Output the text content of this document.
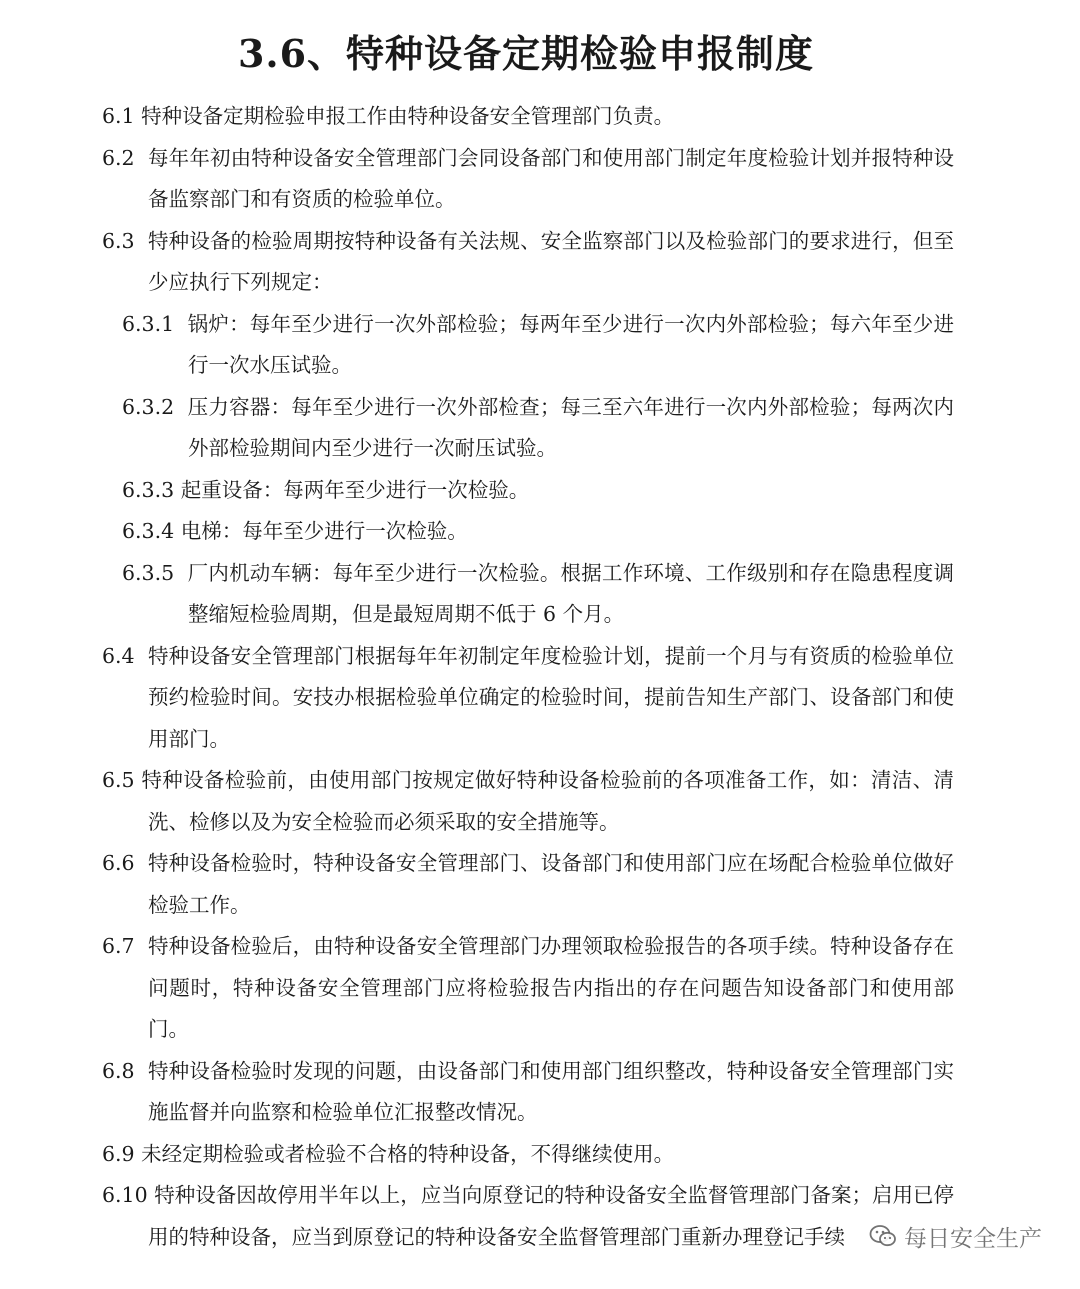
3.6、特种设备定期检验申报制度

6.1 特种设备定期检验申报工作由特种设备安全管理部门负责。

6.2 每年年初由特种设备安全管理部门会同设备部门和使用部门制定年度检验计划并报特种设备监察部门和有资质的检验单位。

6.3 特种设备的检验周期按特种设备有关法规、安全监察部门以及检验部门的要求进行，但至少应执行下列规定：

6.3.1 锅炉：每年至少进行一次外部检验；每两年至少进行一次内外部检验；每六年至少进行一次水压试验。

6.3.2 压力容器：每年至少进行一次外部检查；每三至六年进行一次内外部检验；每两次内外部检验期间内至少进行一次耐压试验。

6.3.3 起重设备：每两年至少进行一次检验。

6.3.4 电梯：每年至少进行一次检验。

6.3.5 厂内机动车辆：每年至少进行一次检验。根据工作环境、工作级别和存在隐患程度调整缩短检验周期，但是最短周期不低于 6 个月。

6.4 特种设备安全管理部门根据每年年初制定年度检验计划，提前一个月与有资质的检验单位预约检验时间。安技办根据检验单位确定的检验时间，提前告知生产部门、设备部门和使用部门。

6.5 特种设备检验前，由使用部门按规定做好特种设备检验前的各项准备工作，如：清洁、清洗、检修以及为安全检验而必须采取的安全措施等。

6.6 特种设备检验时，特种设备安全管理部门、设备部门和使用部门应在场配合检验单位做好检验工作。

6.7 特种设备检验后，由特种设备安全管理部门办理领取检验报告的各项手续。特种设备存在问题时，特种设备安全管理部门应将检验报告内指出的存在问题告知设备部门和使用部门。

6.8 特种设备检验时发现的问题，由设备部门和使用部门组织整改，特种设备安全管理部门实施监督并向监察和检验单位汇报整改情况。

6.9 未经定期检验或者检验不合格的特种设备，不得继续使用。

6.10 特种设备因故停用半年以上，应当向原登记的特种设备安全监督管理部门备案；启用已停用的特种设备，应当到原登记的特种设备安全监督管理部门重新办理登记手续	每日安全生产
